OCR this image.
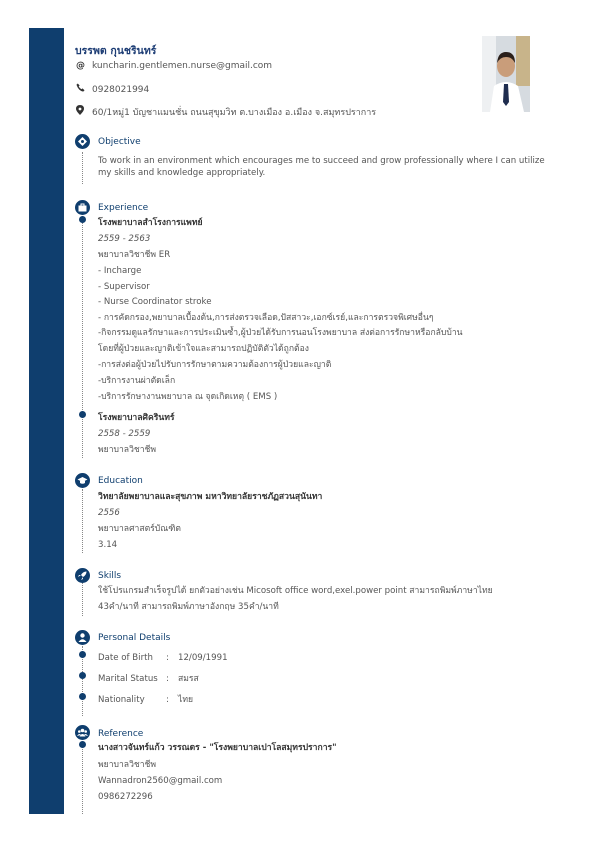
บรรพต กุนชรินทร์
@ kuncharin.gentlemen.nurse@gmail.com
0928021994
60/1หมู่1 บัญชาแมนชั่น ถนนสุขุมวิท ต.บางเมือง อ.เมือง จ.สมุทรปราการ
Objective
To work in an environment which encourages me to succeed and grow professionally where I can utilize my skills and knowledge appropriately.
Experience
โรงพยาบาลสำโรงการแพทย์
2559 - 2563
พยาบาลวิชาชีพ ER
- Incharge
- Supervisor
- Nurse Coordinator stroke
- การคัดกรอง,พยาบาลเบื้องต้น,การส่งตรวจเลือด,ปัสสาวะ,เอกซ์เรย์,และการตรวจพิเศษอื่นๆ
-กิจกรรมดูแลรักษาและการประเมินซ้ำ,ผู้ป่วยได้รับการนอนโรงพยาบาล ส่งต่อการรักษาหรือกลับบ้าน
โดยที่ผู้ป่วยและญาติเข้าใจและสามารถปฏิบัติตัวได้ถูกต้อง
-การส่งต่อผู้ป่วยไปรับการรักษาตามความต้องการผู้ป่วยและญาติ
-บริการงานผ่าตัดเล็ก
-บริการรักษางานพยาบาล ณ จุดเกิดเหตุ ( EMS )
โรงพยาบาลศิครินทร์
2558 - 2559
พยาบาลวิชาชีพ
Education
วิทยาลัยพยาบาลและสุขภาพ มหาวิทยาลัยราชภัฏสวนสุนันทา
2556
พยาบาลศาสตร์บัณฑิต
3.14
Skills
ใช้โปรแกรมสำเร็จรูปได้ ยกตัวอย่างเช่น Micosoft office word,exel.power point สามารถพิมพ์ภาษาไทย
43คำ/นาที สามารถพิมพ์ภาษาอังกฤษ 35คำ/นาที
Personal Details
Date of Birth : 12/09/1991
Marital Status : สมรส
Nationality : ไทย
Reference
นางสาวจันทร์แก้ว วรรณดร - "โรงพยาบาลเปาโลสมุทรปราการ"
พยาบาลวิชาชีพ
Wannadron2560@gmail.com
0986272296
